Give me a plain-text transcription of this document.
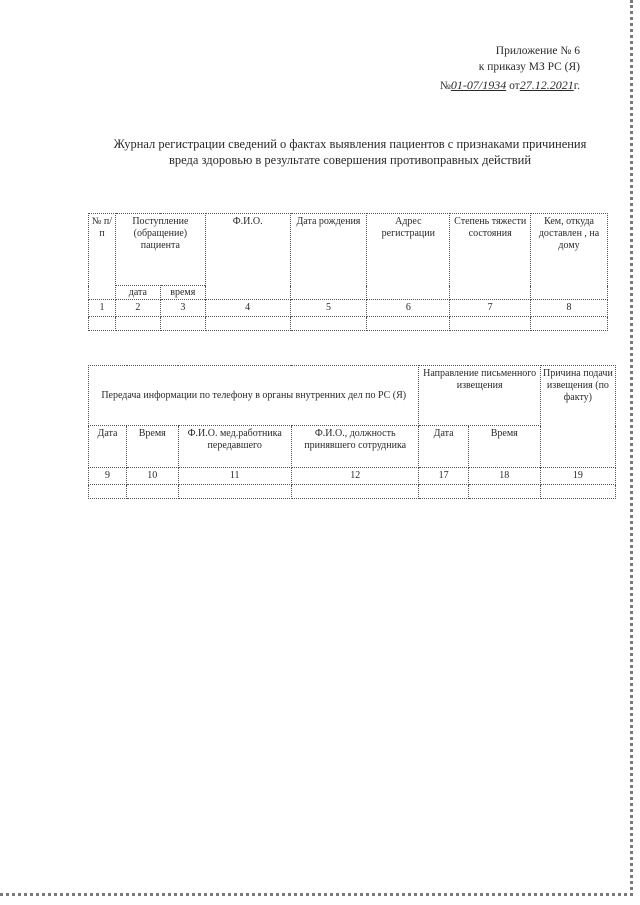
Приложение № 6
к приказу МЗ РС (Я)
№01-07/1934 от27.12.2021г.
Журнал регистрации сведений о фактах выявления пациентов с признаками причинения вреда здоровью в результате совершения противоправных действий
№ п/ п	Поступление (обращение) пациента		Ф.И.О.	Дата рождения	Адрес регистрации	Степень тяжести состояния	Кем, откуда доставлен , на дому
	дата	время					
1	2	3	4	5	6	7	8

Передача информации по телефону в органы внутренних дел по РС (Я)				Направление письменного извещения		Причина подачи извещения (по факту)
Дата	Время	Ф.И.О. мед.работника передавшего	Ф.И.О., должность принявшего сотрудника	Дата	Время	
9	10	11	12	17	18	19
